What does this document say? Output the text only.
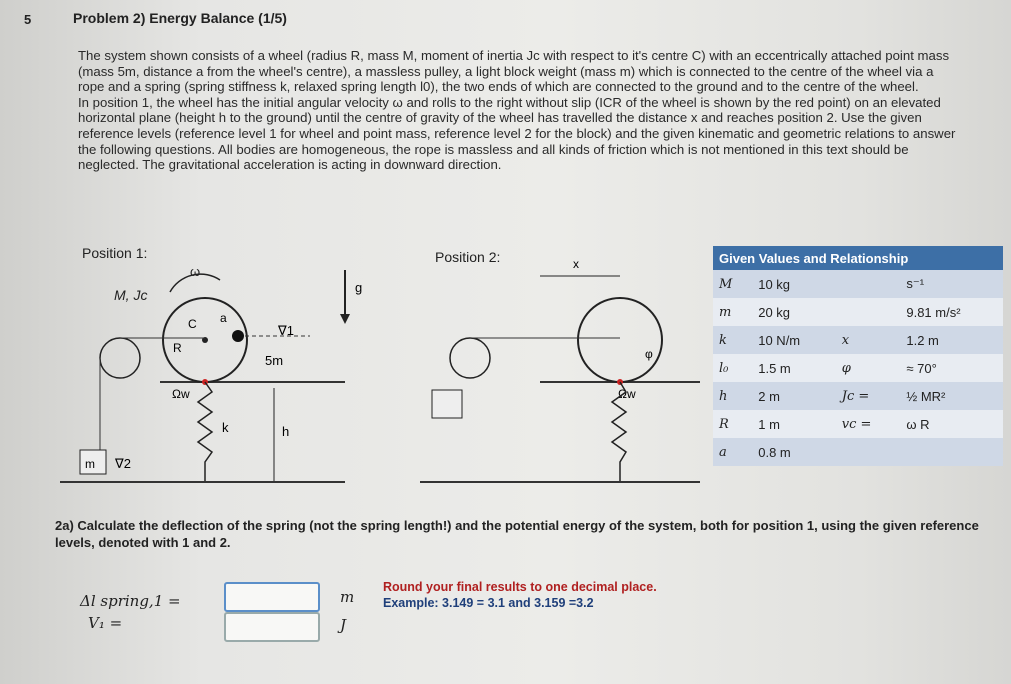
5	Problem 2) Energy Balance (1/5)
The system shown consists of a wheel (radius R, mass M, moment of inertia Jc with respect to it's centre C) with an eccentrically attached point mass (mass 5m, distance a from the wheel's centre), a massless pulley, a light block weight (mass m) which is connected to the centre of the wheel via a rope and a spring (spring stiffness k, relaxed spring length l0), the two ends of which are connected to the ground and to the centre of the wheel.
In position 1, the wheel has the initial angular velocity ω and rolls to the right without slip (ICR of the wheel is shown by the red point) on an elevated horizontal plane (height h to the ground) until the centre of gravity of the wheel has travelled the distance x and reaches position 2. Use the given reference levels (reference level 1 for wheel and point mass, reference level 2 for the block) and the given kinematic and geometric relations to answer the following questions. All bodies are homogeneous, the rope is massless and all kinds of friction which is not mentioned in this text should be neglected. The gravitational acceleration is acting in downward direction.
Position 1:
M, Jc
ω
C a
R
5m
∇1
Ωw
m ∇2
k	h
g
Position 2:	x
φ
Ωw
Given Values and Relationship			
M	10 kg		s⁻¹
m	20 kg		9.81 m/s²
k	10 N/m	x	1.2 m
l₀	1.5 m	φ	≈ 70°
h	2 m	Jc =	½ MR²
R	1 m	vc =	ω R
a	0.8 m		
2a) Calculate the deflection of the spring (not the spring length!) and the potential energy of the system, both for position 1, using the given reference levels, denoted with 1 and 2.
Δl spring,1 =	m
V₁ =	J
Round your final results to one decimal place.
Example: 3.149 = 3.1 and 3.159 =3.2
